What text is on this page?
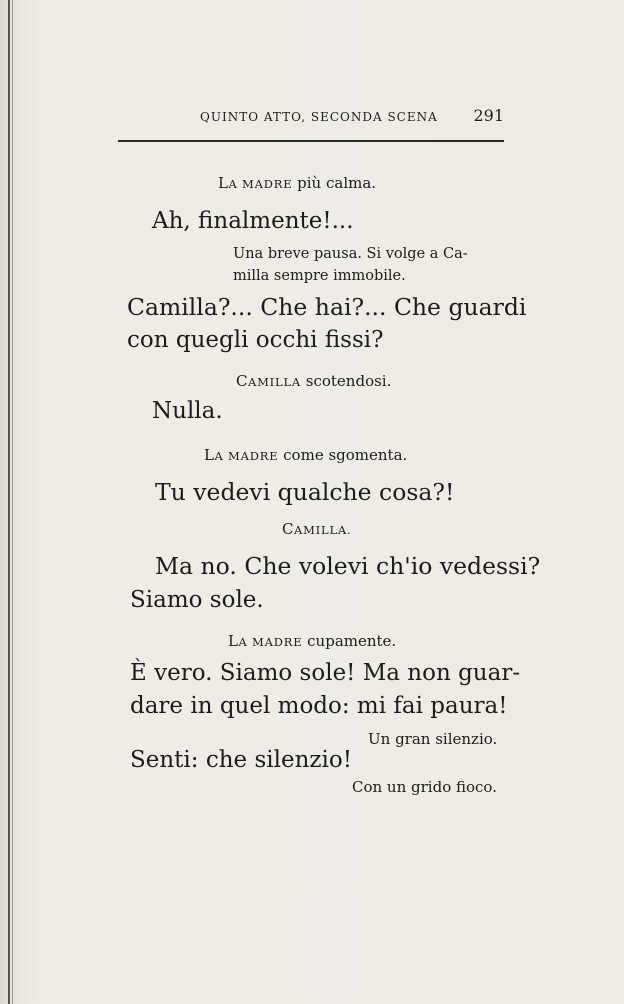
QUINTO ATTO, SECONDA SCENA 291
LA MADRE più calma.
Ah, finalmente!...
Una breve pausa. Si volge a Ca-
milla sempre immobile.
Camilla?... Che hai?... Che guardi
con quegli occhi fissi?
CAMILLA scotendosi.
Nulla.
LA MADRE come sgomenta.
Tu vedevi qualche cosa?!
CAMILLA.
Ma no. Che volevi ch'io vedessi?
Siamo sole.
LA MADRE cupamente.
È vero. Siamo sole! Ma non guar-
dare in quel modo: mi fai paura!
Un gran silenzio.
Senti: che silenzio!
Con un grido fioco.
